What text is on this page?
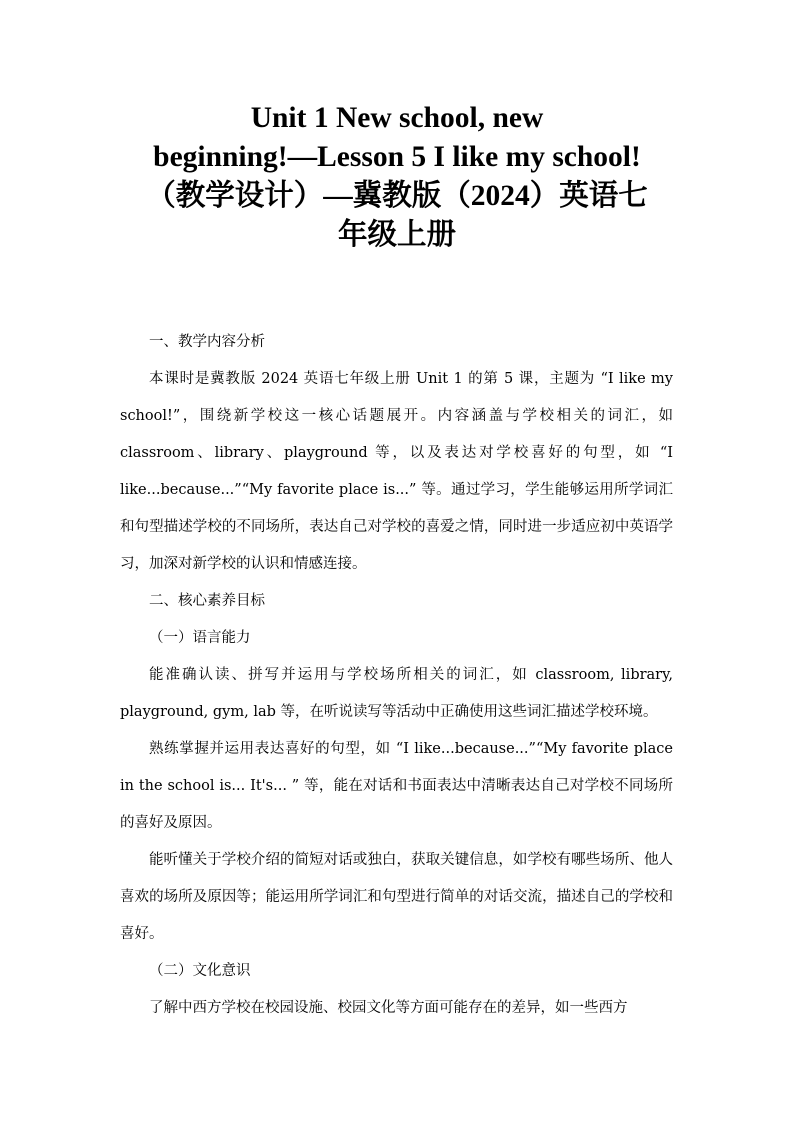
Unit 1 New school, new
beginning!—Lesson 5 I like my school!
（教学设计）—冀教版（2024）英语七
年级上册

一、教学内容分析

本课时是冀教版 2024 英语七年级上册 Unit 1 的第 5 课，主题为 “I like my school!”，围绕新学校这一核心话题展开。内容涵盖与学校相关的词汇，如 classroom、library、playground 等，以及表达对学校喜好的句型，如 “I like...because...”“My favorite place is...” 等。通过学习，学生能够运用所学词汇和句型描述学校的不同场所，表达自己对学校的喜爱之情，同时进一步适应初中英语学习，加深对新学校的认识和情感连接。

二、核心素养目标

（一）语言能力

能准确认读、拼写并运用与学校场所相关的词汇，如 classroom, library, playground, gym, lab 等，在听说读写等活动中正确使用这些词汇描述学校环境。

熟练掌握并运用表达喜好的句型，如 “I like...because...”“My favorite place in the school is... It's... ” 等，能在对话和书面表达中清晰表达自己对学校不同场所的喜好及原因。

能听懂关于学校介绍的简短对话或独白，获取关键信息，如学校有哪些场所、他人喜欢的场所及原因等；能运用所学词汇和句型进行简单的对话交流，描述自己的学校和喜好。

（二）文化意识

了解中西方学校在校园设施、校园文化等方面可能存在的差异，如一些西方
